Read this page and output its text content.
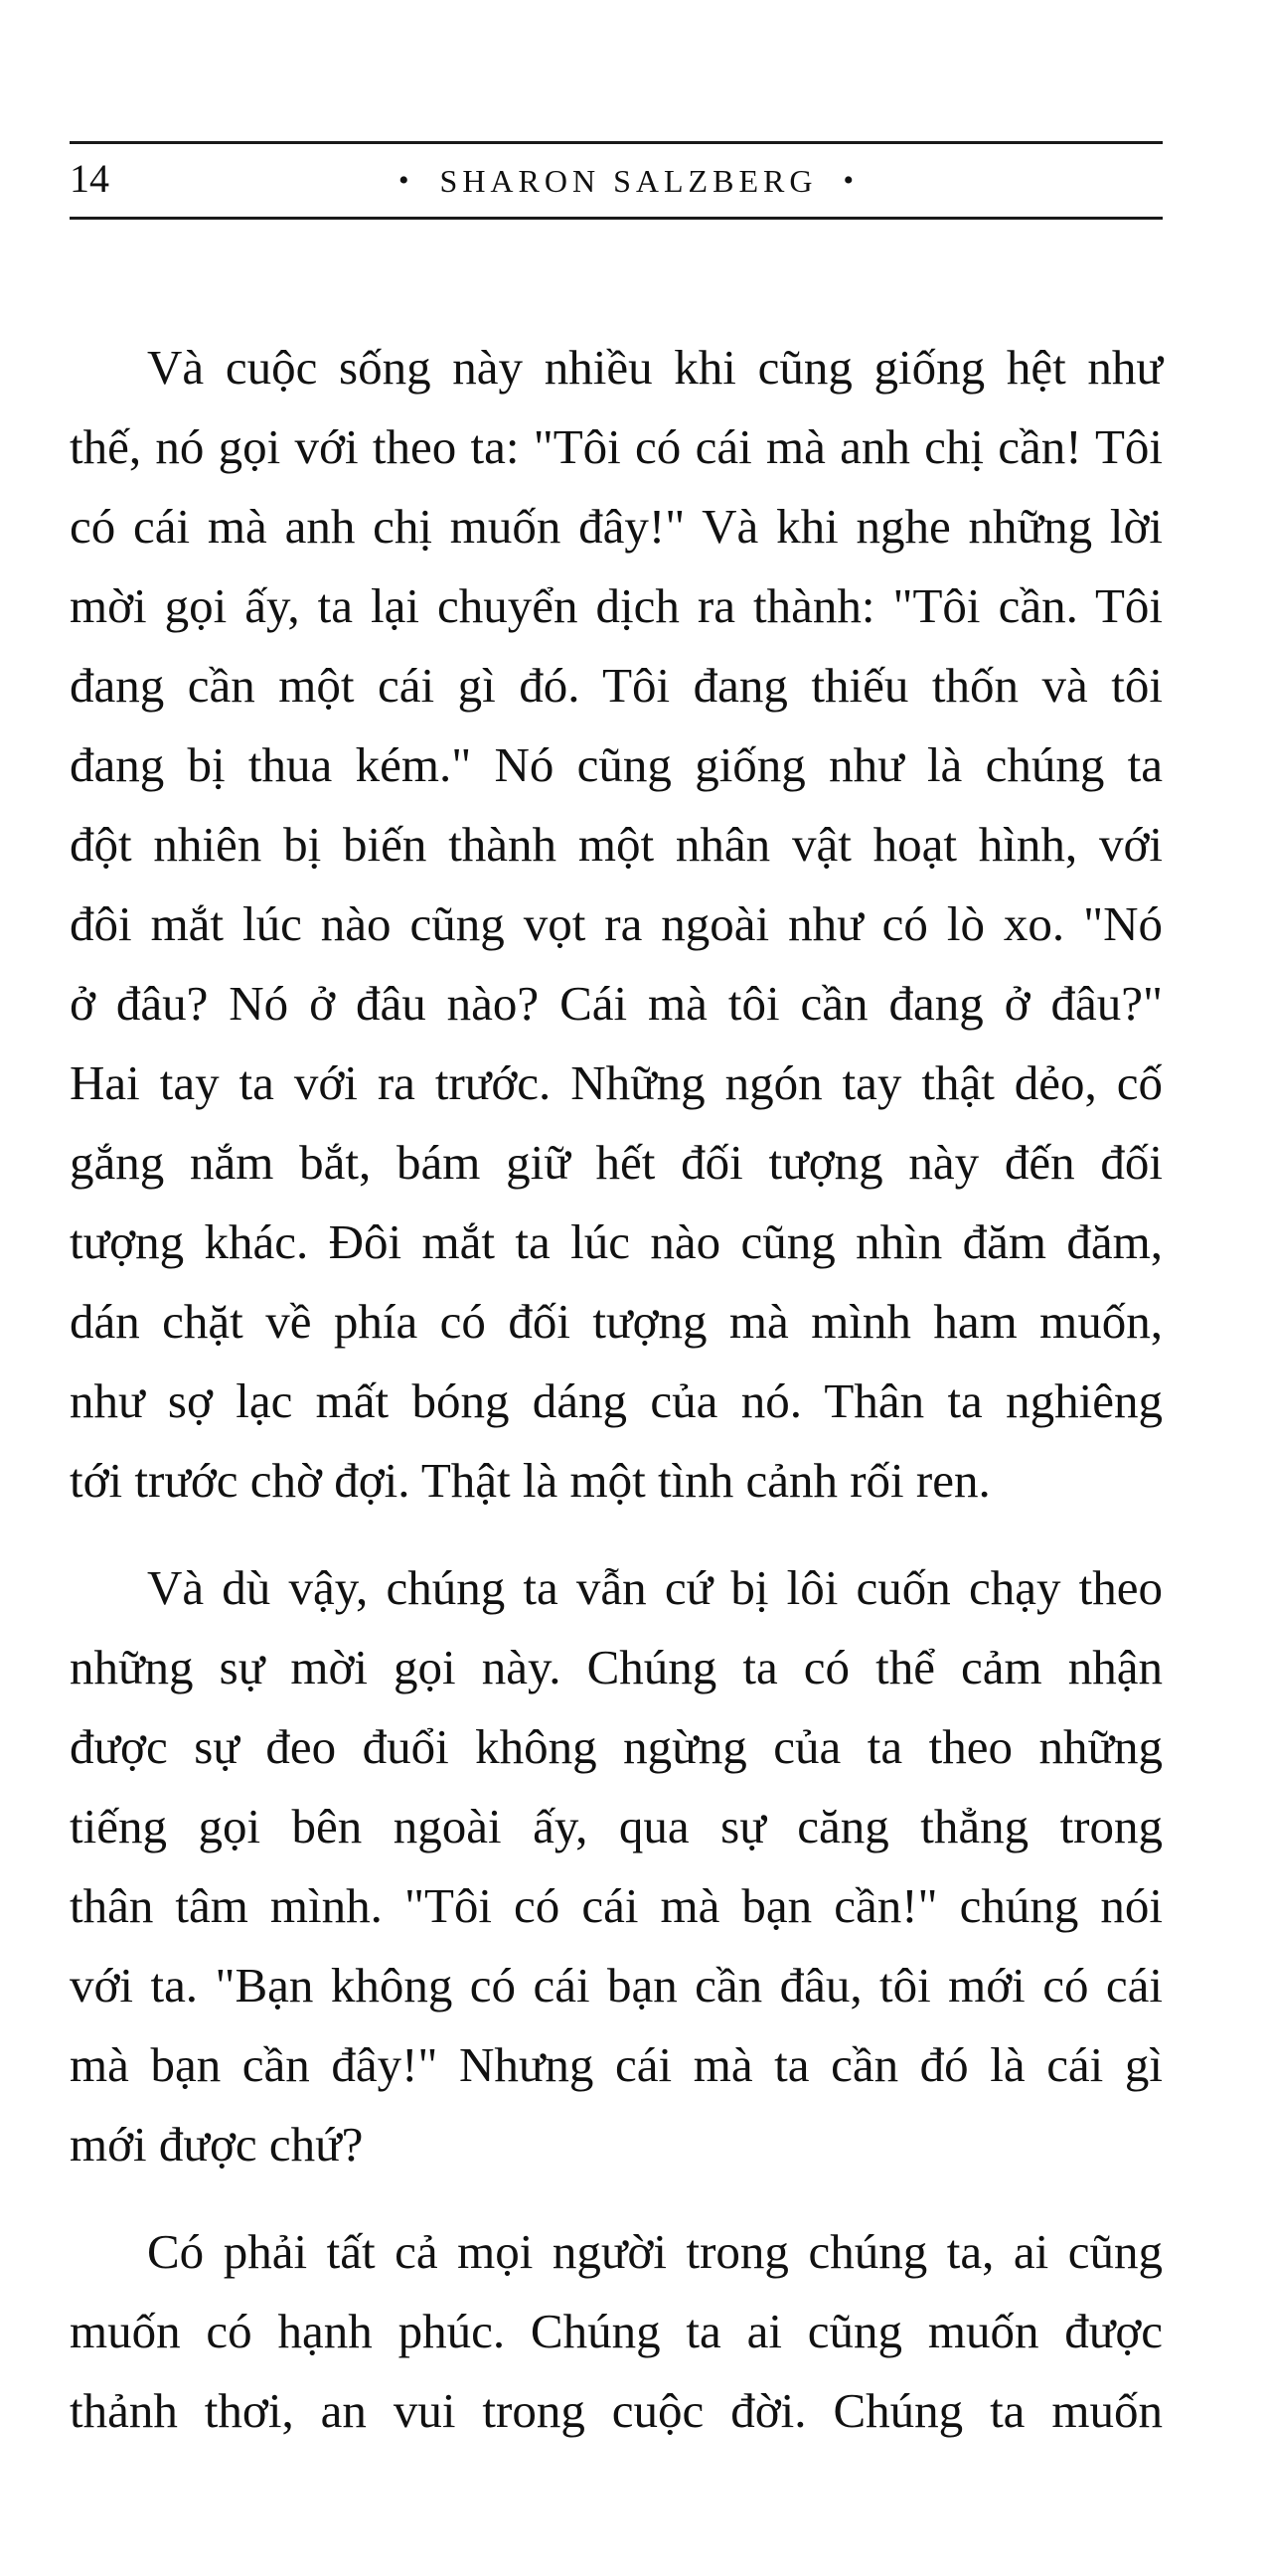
14	• SHARON SALZBERG •
Và cuộc sống này nhiều khi cũng giống hệt như
thế, nó gọi với theo ta: "Tôi có cái mà anh chị cần! Tôi
có cái mà anh chị muốn đây!" Và khi nghe những lời
mời gọi ấy, ta lại chuyển dịch ra thành: "Tôi cần. Tôi
đang cần một cái gì đó. Tôi đang thiếu thốn và tôi
đang bị thua kém." Nó cũng giống như là chúng ta
đột nhiên bị biến thành một nhân vật hoạt hình, với
đôi mắt lúc nào cũng vọt ra ngoài như có lò xo. "Nó
ở đâu? Nó ở đâu nào? Cái mà tôi cần đang ở đâu?"
Hai tay ta với ra trước. Những ngón tay thật dẻo, cố
gắng nắm bắt, bám giữ hết đối tượng này đến đối
tượng khác. Đôi mắt ta lúc nào cũng nhìn đăm đăm,
dán chặt về phía có đối tượng mà mình ham muốn,
như sợ lạc mất bóng dáng của nó. Thân ta nghiêng
tới trước chờ đợi. Thật là một tình cảnh rối ren.
Và dù vậy, chúng ta vẫn cứ bị lôi cuốn chạy theo
những sự mời gọi này. Chúng ta có thể cảm nhận
được sự đeo đuổi không ngừng của ta theo những
tiếng gọi bên ngoài ấy, qua sự căng thẳng trong
thân tâm mình. "Tôi có cái mà bạn cần!" chúng nói
với ta. "Bạn không có cái bạn cần đâu, tôi mới có cái
mà bạn cần đây!" Nhưng cái mà ta cần đó là cái gì
mới được chứ?
Có phải tất cả mọi người trong chúng ta, ai cũng
muốn có hạnh phúc. Chúng ta ai cũng muốn được
thảnh thơi, an vui trong cuộc đời. Chúng ta muốn
